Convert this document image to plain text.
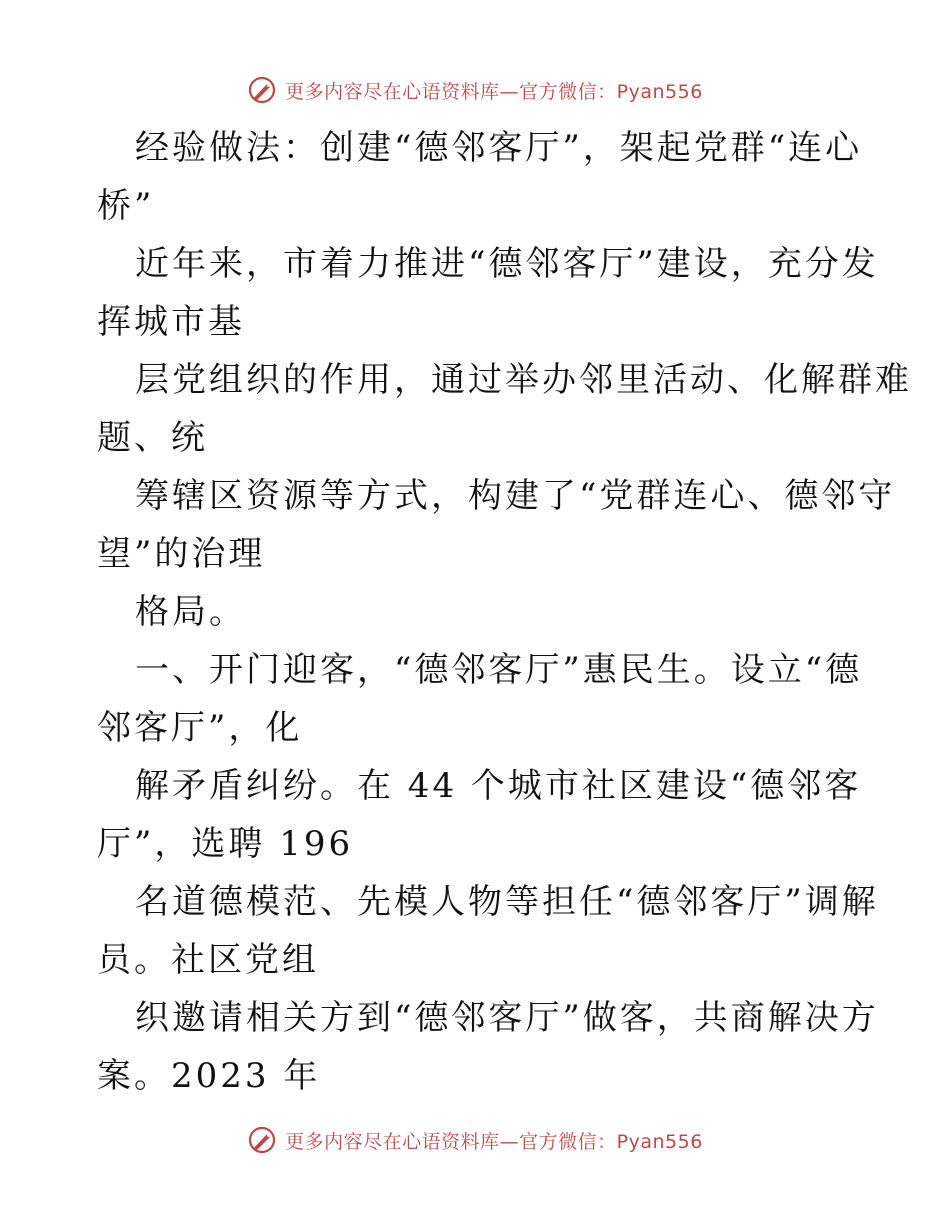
更多内容尽在心语资料库—官方微信：Pyan556
经验做法：创建“德邻客厅”，架起党群“连心
桥”
近年来，市着力推进“德邻客厅”建设，充分发
挥城市基
层党组织的作用，通过举办邻里活动、化解群难
题、统
筹辖区资源等方式，构建了“党群连心、德邻守
望”的治理
格局。
一、开门迎客，“德邻客厅”惠民生。设立“德
邻客厅”，化
解矛盾纠纷。在 44 个城市社区建设“德邻客
厅”，选聘 196
名道德模范、先模人物等担任“德邻客厅”调解
员。社区党组
织邀请相关方到“德邻客厅”做客，共商解决方
案。2023 年
更多内容尽在心语资料库—官方微信：Pyan556
